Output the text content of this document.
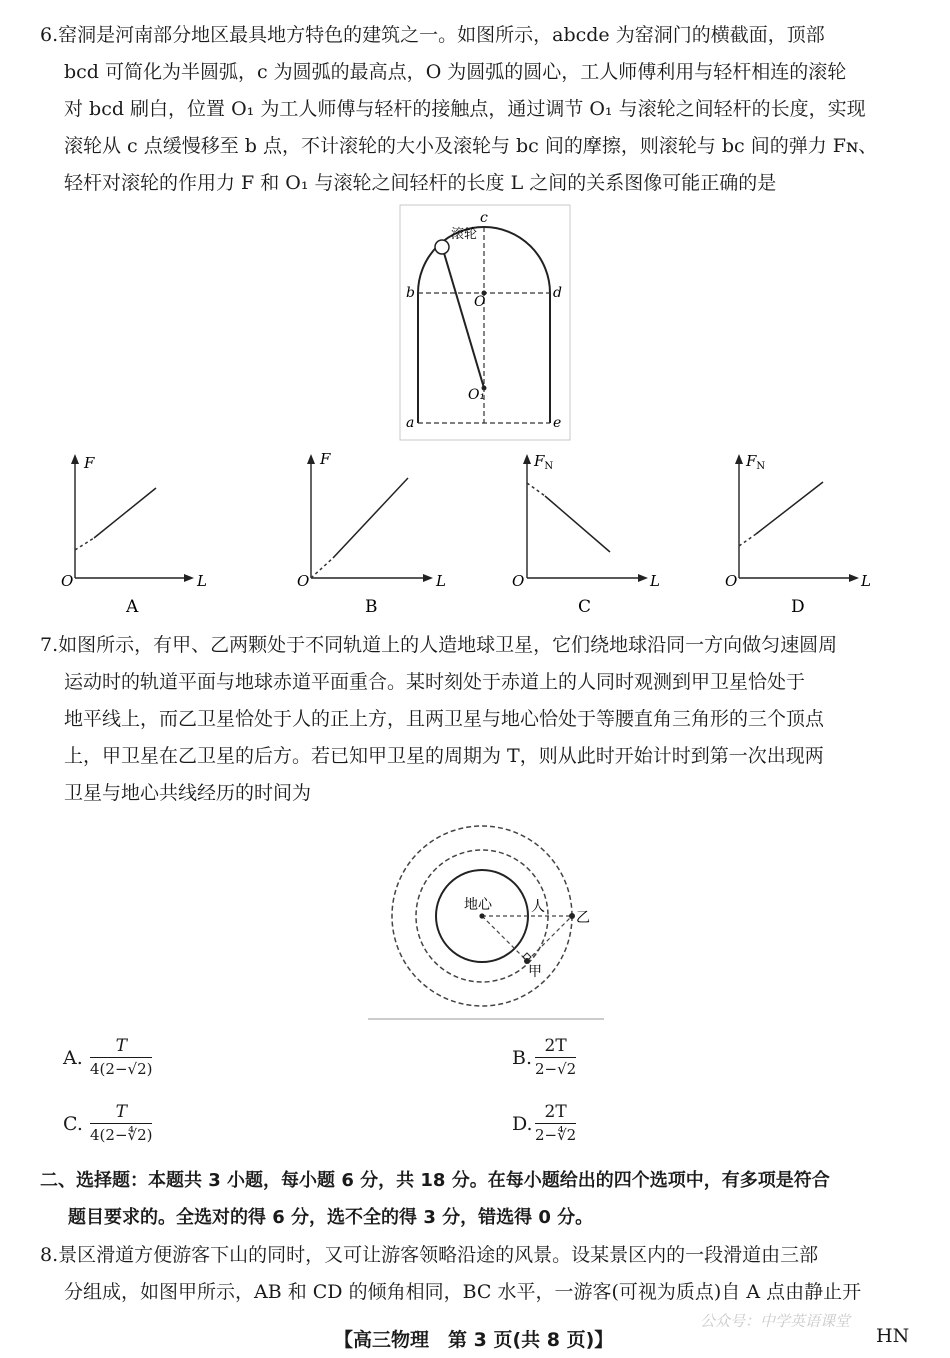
6.窑洞是河南部分地区最具地方特色的建筑之一。如图所示，abcde 为窑洞门的横截面，顶部
bcd 可简化为半圆弧，c 为圆弧的最高点，O 为圆弧的圆心，工人师傅利用与轻杆相连的滚轮
对 bcd 刷白，位置 O₁ 为工人师傅与轻杆的接触点，通过调节 O₁ 与滚轮之间轻杆的长度，实现
滚轮从 c 点缓慢移至 b 点，不计滚轮的大小及滚轮与 bc 间的摩擦，则滚轮与 bc 间的弹力 Fɴ、
轻杆对滚轮的作用力 F 和 O₁ 与滚轮之间轻杆的长度 L 之间的关系图像可能正确的是
c
b
O
d
O₁
a	e
滚轮
F
O	L
A
F
O	L
B
$F_N$
O	L
C
$F_N$
O	L
D
7.如图所示，有甲、乙两颗处于不同轨道上的人造地球卫星，它们绕地球沿同一方向做匀速圆周
运动时的轨道平面与地球赤道平面重合。某时刻处于赤道上的人同时观测到甲卫星恰处于
地平线上，而乙卫星恰处于人的正上方，且两卫星与地心恰处于等腰直角三角形的三个顶点
上，甲卫星在乙卫星的后方。若已知甲卫星的周期为 T，则从此时开始计时到第一次出现两
卫星与地心共线经历的时间为
地心	人
乙
甲
A. $\frac{T}{4(2-√2)}$	B. $\frac{2T}{2-√2}$
C. $\frac{T}{4(2-∜2)}$	D. $\frac{2T}{2-∜2}$
二、选择题：本题共 3 小题，每小题 6 分，共 18 分。在每小题给出的四个选项中，有多项是符合
题目要求的。全选对的得 6 分，选不全的得 3 分，错选得 0 分。
8.景区滑道方便游客下山的同时，又可让游客领略沿途的风景。设某景区内的一段滑道由三部
分组成，如图甲所示，AB 和 CD 的倾角相同，BC 水平，一游客(可视为质点)自 A 点由静止开
公众号：中学英语课堂
【高三物理　第 3 页(共 8 页)】	HN
